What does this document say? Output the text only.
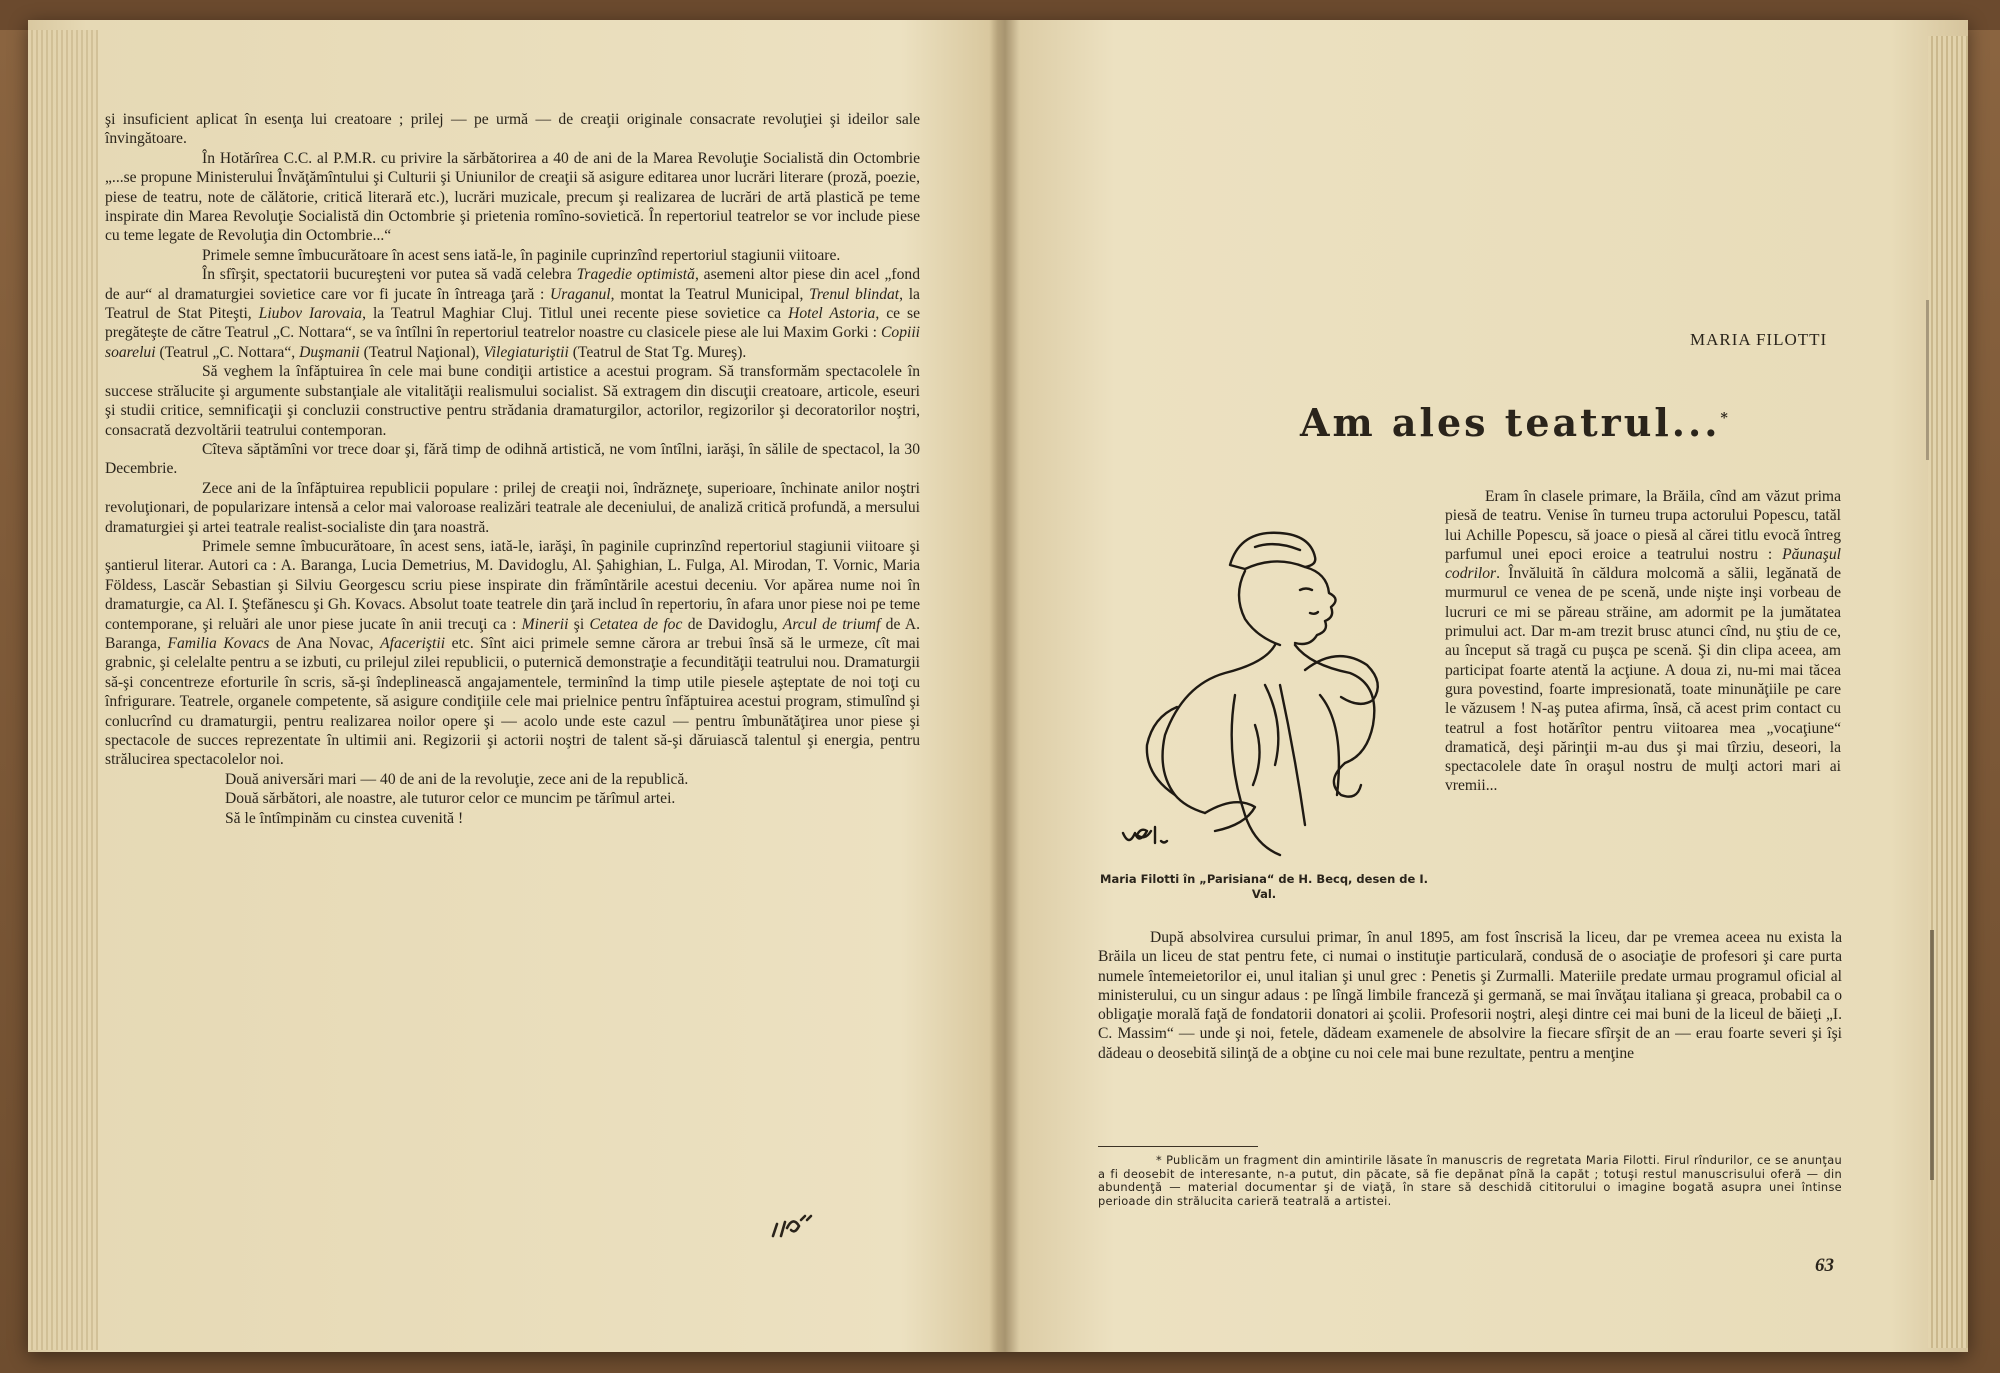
şi insuficient aplicat în esenţa lui creatoare ; prilej — pe urmă — de creaţii originale consacrate revoluţiei şi ideilor sale învingătoare.

În Hotărîrea C.C. al P.M.R. cu privire la sărbătorirea a 40 de ani de la Marea Revoluţie Socialistă din Octombrie „...se propune Ministerului Învăţămîntului şi Culturii şi Uniunilor de creaţii să asigure editarea unor lucrări literare (proză, poezie, piese de teatru, note de călătorie, critică literară etc.), lucrări muzicale, precum şi realizarea de lucrări de artă plastică pe teme inspirate din Marea Revoluţie Socialistă din Octombrie şi prietenia romîno-sovietică. În repertoriul teatrelor se vor include piese cu teme legate de Revoluţia din Octombrie...“

Primele semne îmbucurătoare în acest sens iată-le, în paginile cuprinzînd repertoriul stagiunii viitoare.

În sfîrşit, spectatorii bucureşteni vor putea să vadă celebra Tragedie optimistă, asemeni altor piese din acel „fond de aur“ al dramaturgiei sovietice care vor fi jucate în întreaga ţară : Uraganul, montat la Teatrul Municipal, Trenul blindat, la Teatrul de Stat Piteşti, Liubov Iarovaia, la Teatrul Maghiar Cluj. Titlul unei recente piese sovietice ca Hotel Astoria, ce se pregăteşte de către Teatrul „C. Nottara“, se va întîlni în repertoriul teatrelor noastre cu clasicele piese ale lui Maxim Gorki : Copiii soarelui (Teatrul „C. Nottara“, Duşmanii (Teatrul Naţional), Vilegiaturiştii (Teatrul de Stat Tg. Mureş).

Să veghem la înfăptuirea în cele mai bune condiţii artistice a acestui program. Să transformăm spectacolele în succese strălucite şi argumente substanţiale ale vitalităţii realismului socialist. Să extragem din discuţii creatoare, articole, eseuri şi studii critice, semnificaţii şi concluzii constructive pentru strădania dramaturgilor, actorilor, regizorilor şi decoratorilor noştri, consacrată dezvoltării teatrului contemporan.

Cîteva săptămîni vor trece doar şi, fără timp de odihnă artistică, ne vom întîlni, iarăşi, în sălile de spectacol, la 30 Decembrie.

Zece ani de la înfăptuirea republicii populare : prilej de creaţii noi, îndrăzneţe, superioare, închinate anilor noştri revoluţionari, de popularizare intensă a celor mai valoroase realizări teatrale ale deceniului, de analiză critică profundă, a mersului dramaturgiei şi artei teatrale realist-socialiste din ţara noastră.

Primele semne îmbucurătoare, în acest sens, iată-le, iarăşi, în paginile cuprinzînd repertoriul stagiunii viitoare şi şantierul literar. Autori ca : A. Baranga, Lucia Demetrius, M. Davidoglu, Al. Şahighian, L. Fulga, Al. Mirodan, T. Vornic, Maria Földess, Lascăr Sebastian şi Silviu Georgescu scriu piese inspirate din frămîntările acestui deceniu. Vor apărea nume noi în dramaturgie, ca Al. I. Ştefănescu şi Gh. Kovacs. Absolut toate teatrele din ţară includ în repertoriu, în afara unor piese noi pe teme contemporane, şi reluări ale unor piese jucate în anii trecuţi ca : Minerii şi Cetatea de foc de Davidoglu, Arcul de triumf de A. Baranga, Familia Kovacs de Ana Novac, Afaceriştii etc. Sînt aici primele semne cărora ar trebui însă să le urmeze, cît mai grabnic, şi celelalte pentru a se izbuti, cu prilejul zilei republicii, o puternică demonstraţie a fecundităţii teatrului nou. Dramaturgii să-şi concentreze eforturile în scris, să-şi îndeplinească angajamentele, terminînd la timp utile piesele aşteptate de noi toţi cu înfrigurare. Teatrele, organele competente, să asigure condiţiile cele mai prielnice pentru înfăptuirea acestui program, stimulînd şi conlucrînd cu dramaturgii, pentru realizarea noilor opere şi — acolo unde este cazul — pentru îmbunătăţirea unor piese şi spectacole de succes reprezentate în ultimii ani. Regizorii şi actorii noştri de talent să-şi dăruiască talentul şi energia, pentru strălucirea spectacolelor noi.

Două aniversări mari — 40 de ani de la revoluţie, zece ani de la republică.

Două sărbători, ale noastre, ale tuturor celor ce muncim pe tărîmul artei.

Să le întîmpinăm cu cinstea cuvenită !

MARIA FILOTTI
Am ales teatrul...*
Maria Filotti în „Parisiana“ de H. Becq, desen de I. Val.

Eram în clasele primare, la Brăila, cînd am văzut prima piesă de teatru. Venise în turneu trupa actorului Popescu, tatăl lui Achille Popescu, să joace o piesă al cărei titlu evocă întreg parfumul unei epoci eroice a teatrului nostru : Păunaşul codrilor. Învăluită în căldura molcomă a sălii, legănată de murmurul ce venea de pe scenă, unde nişte inşi vorbeau de lucruri ce mi se păreau străine, am adormit pe la jumătatea primului act. Dar m-am trezit brusc atunci cînd, nu ştiu de ce, au început să tragă cu puşca pe scenă. Şi din clipa aceea, am participat foarte atentă la acţiune. A doua zi, nu-mi mai tăcea gura povestind, foarte impresionată, toate minunăţiile pe care le văzusem ! N-aş putea afirma, însă, că acest prim contact cu teatrul a fost hotărîtor pentru viitoarea mea „vocaţiune“ dramatică, deşi părinţii m-au dus şi mai tîrziu, deseori, la spectacolele date în oraşul nostru de mulţi actori mari ai vremii...

După absolvirea cursului primar, în anul 1895, am fost înscrisă la liceu, dar pe vremea aceea nu exista la Brăila un liceu de stat pentru fete, ci numai o instituţie particulară, condusă de o asociaţie de profesori şi care purta numele întemeietorilor ei, unul italian şi unul grec : Penetis şi Zurmalli. Materiile predate urmau programul oficial al ministerului, cu un singur adaus : pe lîngă limbile franceză şi germană, se mai învăţau italiana şi greaca, probabil ca o obligaţie morală faţă de fondatorii donatori ai şcolii. Profesorii noştri, aleşi dintre cei mai buni de la liceul de băieţi „I. C. Massim“ — unde şi noi, fetele, dădeam examenele de absolvire la fiecare sfîrşit de an — erau foarte severi şi îşi dădeau o deosebită silinţă de a obţine cu noi cele mai bune rezultate, pentru a menţine

* Publicăm un fragment din amintirile lăsate în manuscris de regretata Maria Filotti. Firul rîndurilor, ce se anunţau a fi deosebit de interesante, n-a putut, din păcate, să fie depănat pînă la capăt ; totuşi restul manuscrisului oferă — din abundenţă — material documentar şi de viaţă, în stare să deschidă cititorului o imagine bogată asupra unei întinse perioade din strălucita carieră teatrală a artistei.

63
